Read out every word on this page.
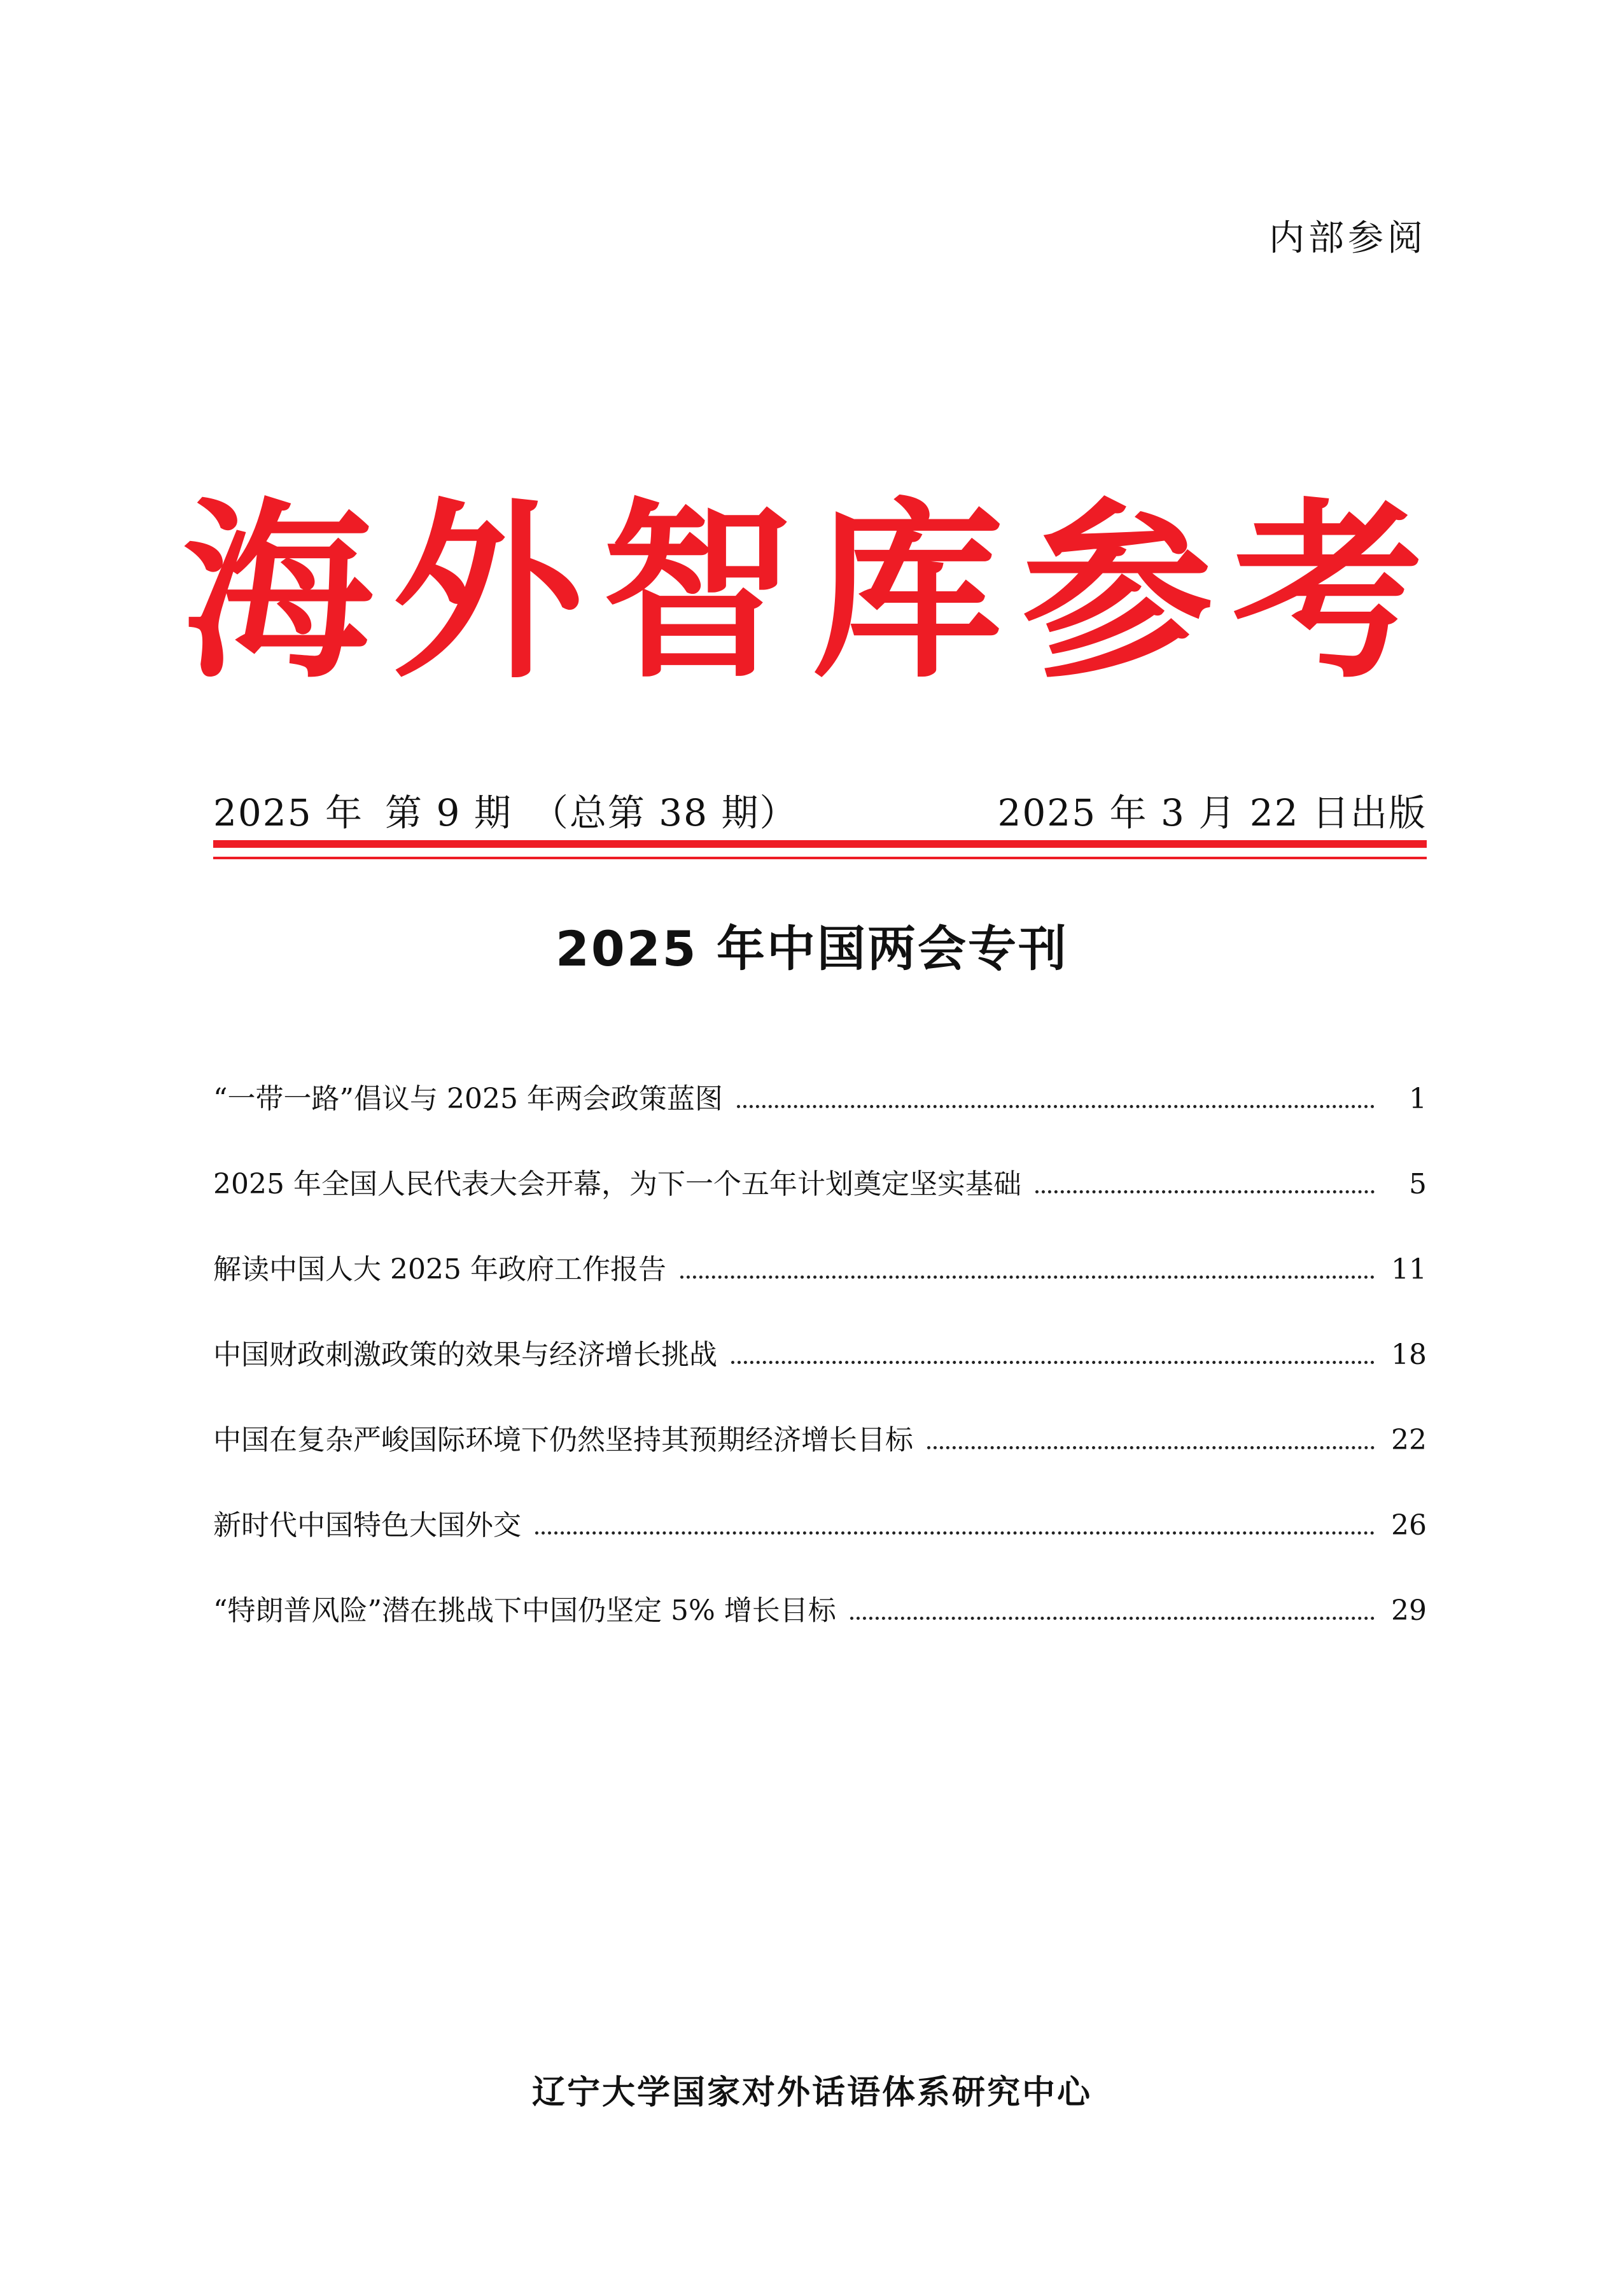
内部参阅
海外智库参考
2025 年 第 9 期 （总第 38 期）	2025 年 3 月 22 日出版
2025 年中国两会专刊
“一带一路”倡议与 2025 年两会政策蓝图	1
2025 年全国人民代表大会开幕，为下一个五年计划奠定坚实基础	5
解读中国人大 2025 年政府工作报告	11
中国财政刺激政策的效果与经济增长挑战	18
中国在复杂严峻国际环境下仍然坚持其预期经济增长目标	22
新时代中国特色大国外交	26
“特朗普风险”潜在挑战下中国仍坚定 5% 增长目标	29
辽宁大学国家对外话语体系研究中心
